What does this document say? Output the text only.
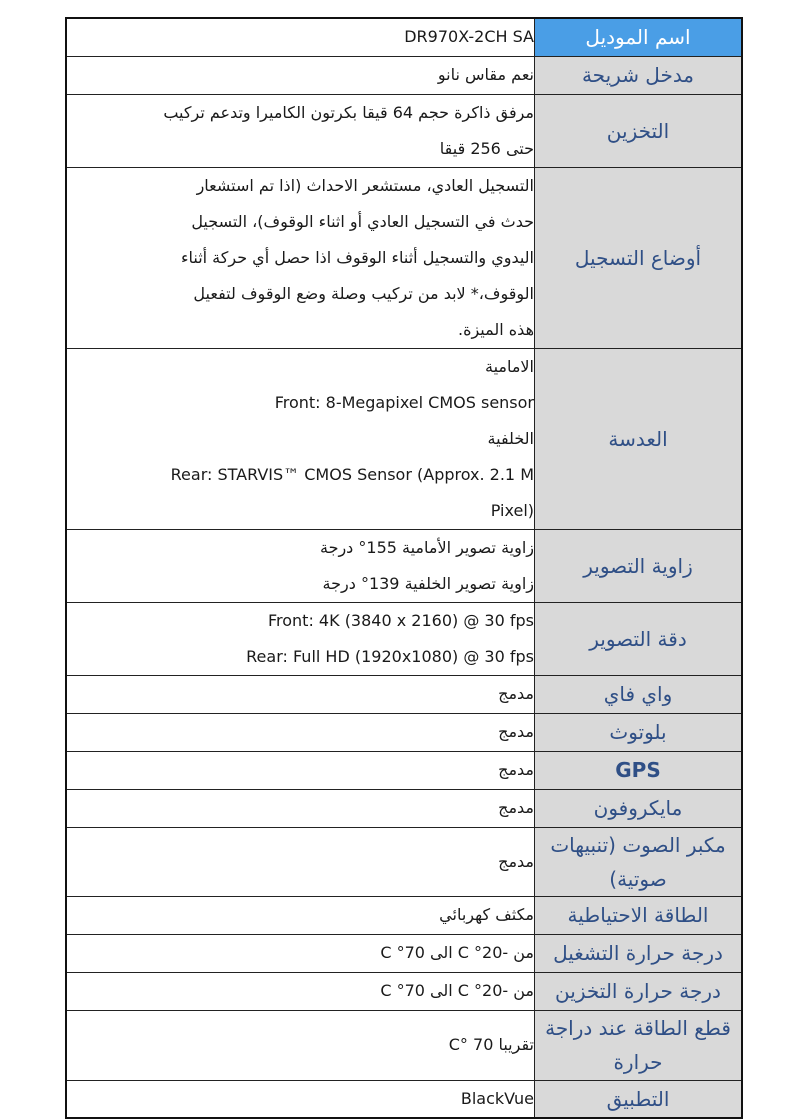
DR970X-2CH SA	اسم الموديل

نعم مقاس نانو	مدخل شريحة

مرفق ذاكرة حجم 64 قيقا بكرتون الكاميرا وتدعم تركيب
حتى 256 قيقا	التخزين

التسجيل العادي، مستشعر الاحداث (اذا تم استشعار
حدث في التسجيل العادي أو اثناء الوقوف)، التسجيل
اليدوي والتسجيل أثناء الوقوف اذا حصل أي حركة أثناء
الوقوف،* لابد من تركيب وصلة وضع الوقوف لتفعيل
هذه الميزة.	أوضاع التسجيل

الامامية
Front: 8-Megapixel CMOS sensor
الخلفية
Rear: STARVIS™ CMOS Sensor (Approx. 2.1 M
Pixel)	العدسة

زاوية تصوير الأمامية 155° درجة
زاوية تصوير الخلفية 139° درجة	زاوية التصوير

Front: 4K (3840 x 2160) @ 30 fps
Rear: Full HD (1920x1080) @ 30 fps	دقة التصوير

مدمج	واي فاي

مدمج	بلوتوث

مدمج	GPS

مدمج	مايكروفون

مدمج	مكبر الصوت (تنبيهات صوتية)

مكثف كهربائي	الطاقة الاحتياطية

من -20° C الى 70° C	درجة حرارة التشغيل

من -20° C الى 70° C	درجة حرارة التخزين

تقريبا 70 °C	قطع الطاقة عند دراجة حرارة

BlackVue	التطبيق
